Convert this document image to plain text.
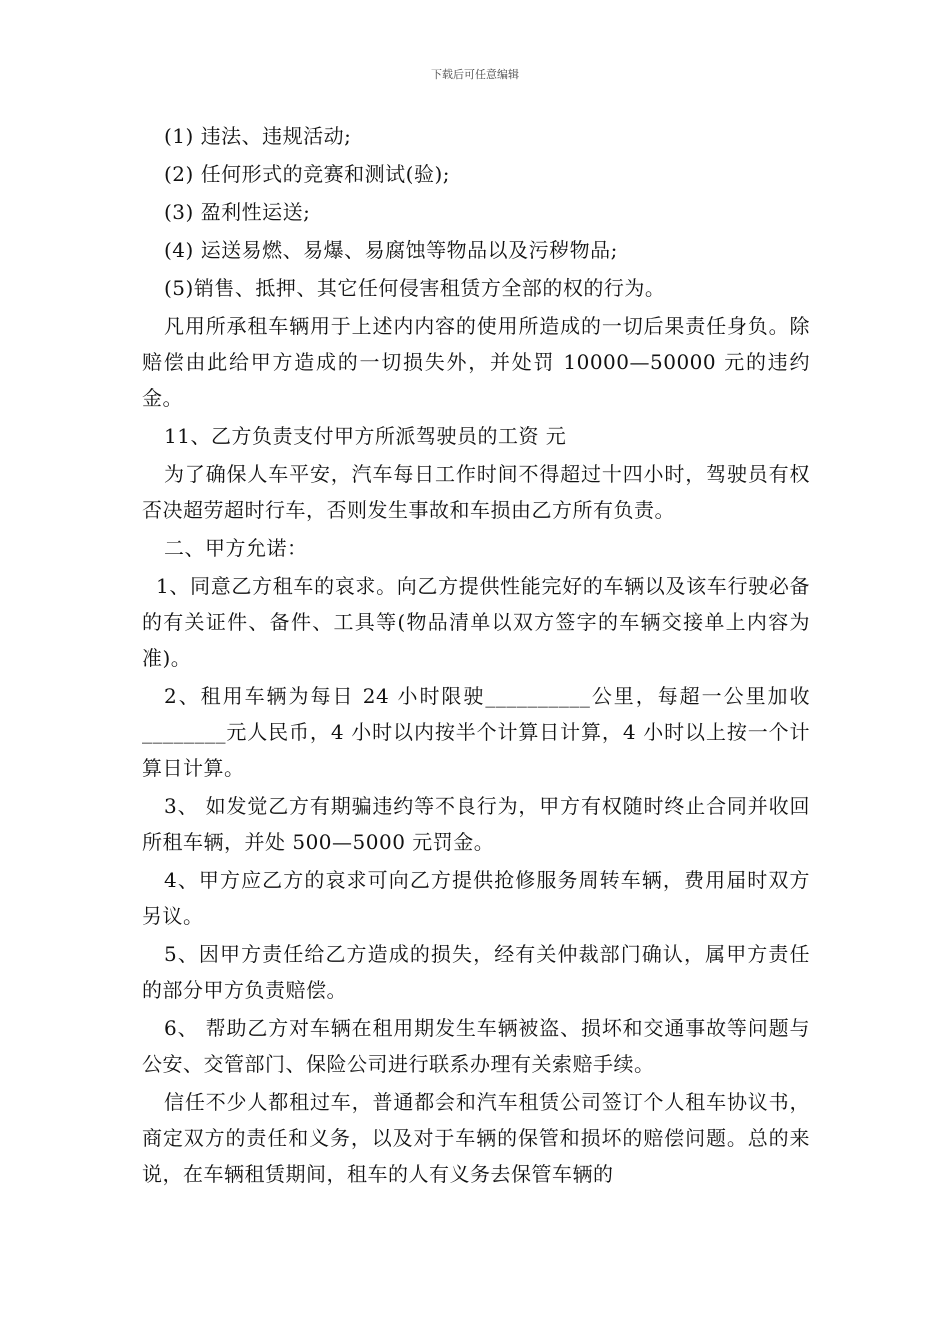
下载后可任意编辑

(1) 违法、违规活动;

(2) 任何形式的竞赛和测试(验);

(3) 盈利性运送;

(4) 运送易燃、易爆、易腐蚀等物品以及污秽物品;

(5)销售、抵押、其它任何侵害租赁方全部的权的行为。

凡用所承租车辆用于上述内内容的使用所造成的一切后果责任身负。除赔偿由此给甲方造成的一切损失外，并处罚 10000—50000 元的违约金。

11、乙方负责支付甲方所派驾驶员的工资 元

为了确保人车平安，汽车每日工作时间不得超过十四小时，驾驶员有权否决超劳超时行车，否则发生事故和车损由乙方所有负责。

二、甲方允诺：

1、同意乙方租车的哀求。向乙方提供性能完好的车辆以及该车行驶必备的有关证件、备件、工具等(物品清单以双方签字的车辆交接单上内容为准)。

2、租用车辆为每日 24 小时限驶__________公里，每超一公里加收________元人民币，4 小时以内按半个计算日计算，4 小时以上按一个计算日计算。

3、 如发觉乙方有期骗违约等不良行为，甲方有权随时终止合同并收回所租车辆，并处 500—5000 元罚金。

4、甲方应乙方的哀求可向乙方提供抢修服务周转车辆，费用届时双方另议。

5、因甲方责任给乙方造成的损失，经有关仲裁部门确认，属甲方责任的部分甲方负责赔偿。

6、 帮助乙方对车辆在租用期发生车辆被盗、损坏和交通事故等问题与公安、交管部门、保险公司进行联系办理有关索赔手续。

信任不少人都租过车，普通都会和汽车租赁公司签订个人租车协议书，商定双方的责任和义务，以及对于车辆的保管和损坏的赔偿问题。总的来说，在车辆租赁期间，租车的人有义务去保管车辆的
